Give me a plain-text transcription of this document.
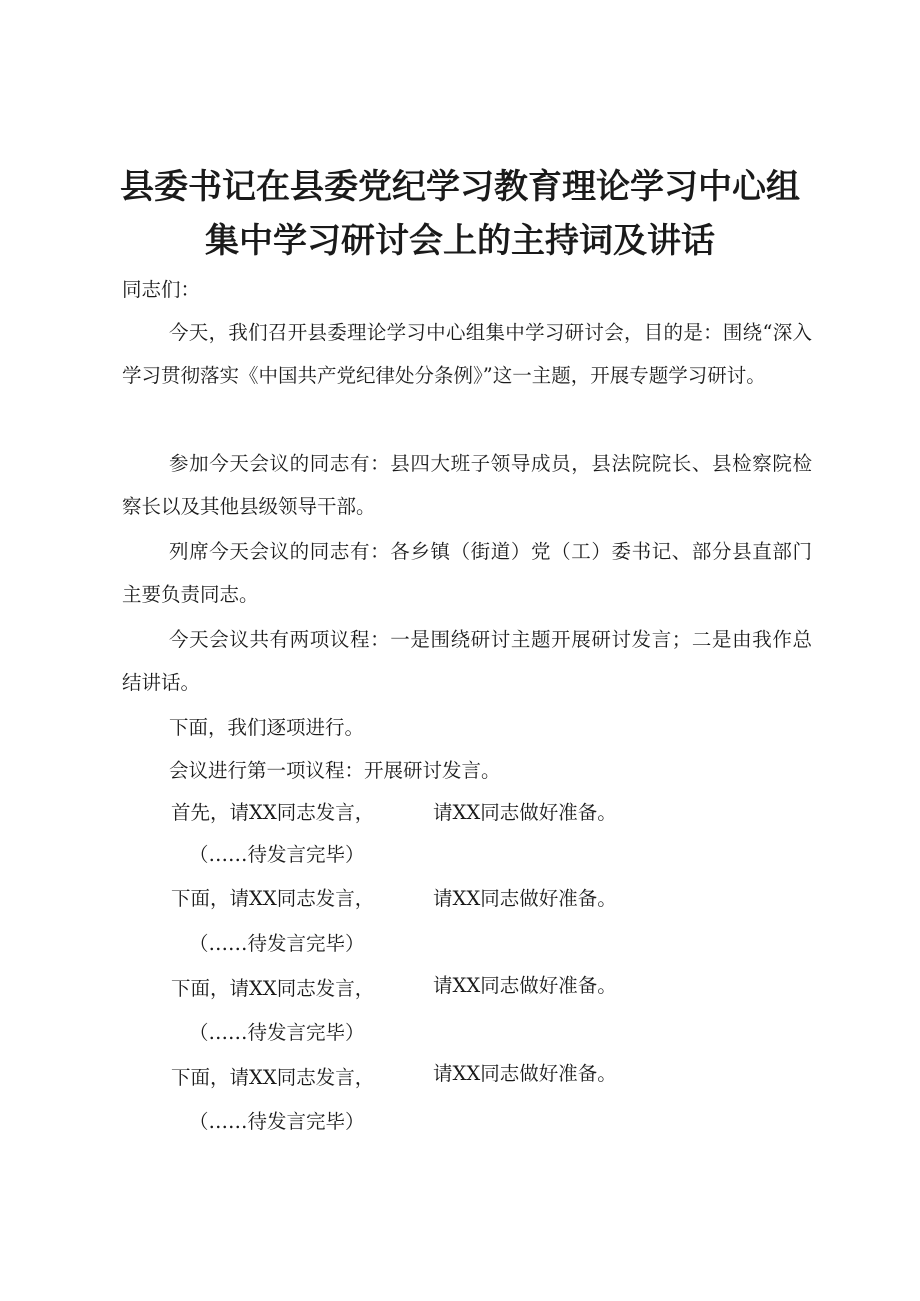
县委书记在县委党纪学习教育理论学习中心组
集中学习研讨会上的主持词及讲话

同志们：

今天，我们召开县委理论学习中心组集中学习研讨会，目的是：围绕“深入学习贯彻落实《中国共产党纪律处分条例》”这一主题，开展专题学习研讨。

参加今天会议的同志有：县四大班子领导成员，县法院院长、县检察院检察长以及其他县级领导干部。

列席今天会议的同志有：各乡镇（街道）党（工）委书记、部分县直部门主要负责同志。

今天会议共有两项议程：一是围绕研讨主题开展研讨发言；二是由我作总结讲话。

下面，我们逐项进行。

会议进行第一项议程：开展研讨发言。

首先，请XX同志发言，	请XX同志做好准备。

（……待发言完毕）

下面，请XX同志发言，	请XX同志做好准备。

（……待发言完毕）

下面，请XX同志发言，	请XX同志做好准备。

（……待发言完毕）

下面，请XX同志发言，	请XX同志做好准备。

（……待发言完毕）
